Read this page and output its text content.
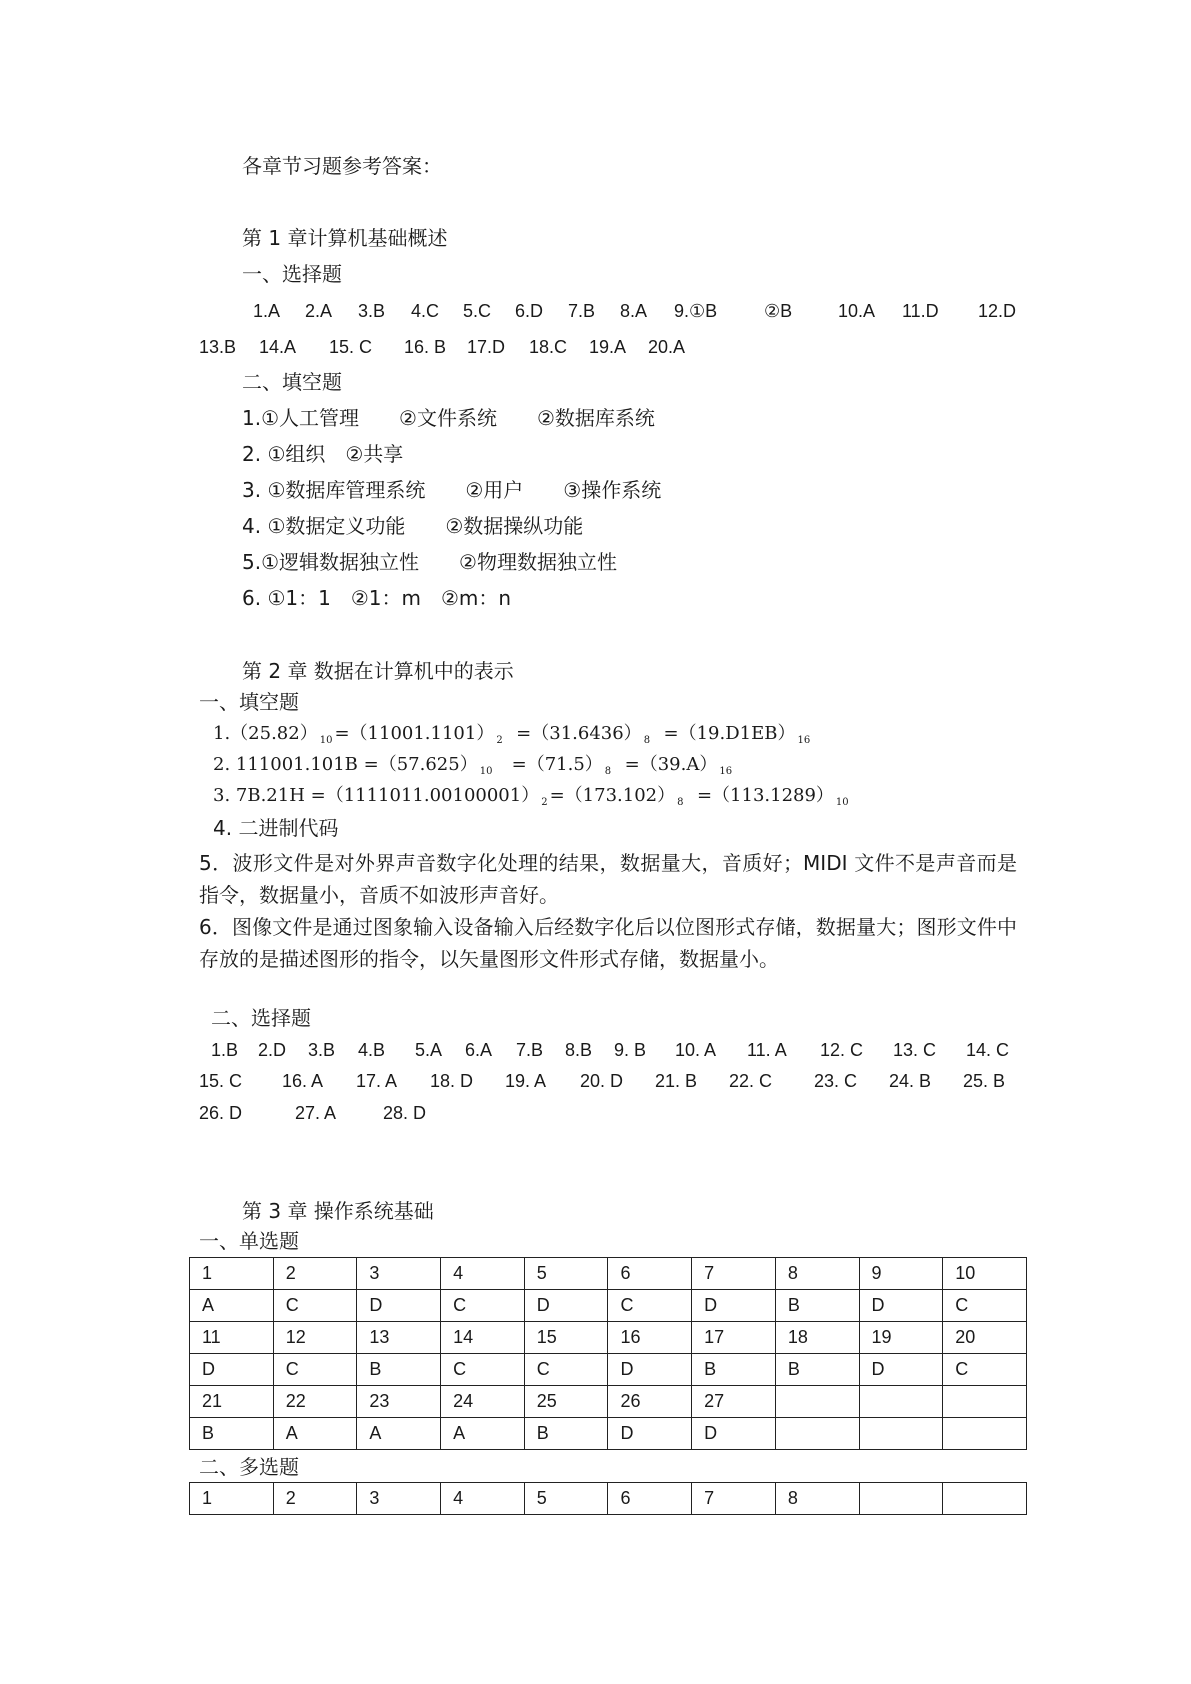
各章节习题参考答案：
第 1 章计算机基础概述
一、选择题
1.A 2.A 3.B 4.C 5.C 6.D 7.B 8.A 9.①B	②B	10.A 11.D 12.D
13.B 14.A 15. C 16. B 17.D 18.C 19.A 20.A
二、填空题
1.①人工管理　　②文件系统　　②数据库系统
2. ①组织　②共享
3. ①数据库管理系统　　②用户　　③操作系统
4. ①数据定义功能　　②数据操纵功能
5.①逻辑数据独立性　　②物理数据独立性
6. ①1：1　②1：m　②m：n
第 2 章 数据在计算机中的表示
一、填空题
1.（25.82） $_{10}$ =（11001.1101） $_2$ =（31.6436） $_8$ =（19.D1EB） $_{16}$
2. 111001.101B =（57.625） $_{10}$ =（71.5） $_8$ =（39.A） $_{16}$
3. 7B.21H =（1111011.00100001） $_2$ =（173.102） $_8$ =（113.1289） $_{10}$
4. 二进制代码
5．波形文件是对外界声音数字化处理的结果，数据量大，音质好；MIDI 文件不是声音而是指令，数据量小，音质不如波形声音好。
6．图像文件是通过图象输入设备输入后经数字化后以位图形式存储，数据量大；图形文件中存放的是描述图形的指令，以矢量图形文件形式存储，数据量小。
二、选择题
1.B 2.D 3.B 4.B 5.A 6.A 7.B 8.B 9. B 10. A 11. A 12. C 13. C 14. C
15. C 16. A 17. A 18. D 19. A 20. D 21. B 22. C 23. C 24. B 25. B
26. D	27. A	28. D
第 3 章 操作系统基础
一、单选题
1	2	3	4	5	6	7	8	9	10
A	C	D	C	D	C	D	B	D	C
11	12	13	14	15	16	17	18	19	20
D	C	B	C	C	D	B	B	D	C
21	22	23	24	25	26	27			
B	A	A	A	B	D	D			
二、多选题
1	2	3	4	5	6	7	8		
